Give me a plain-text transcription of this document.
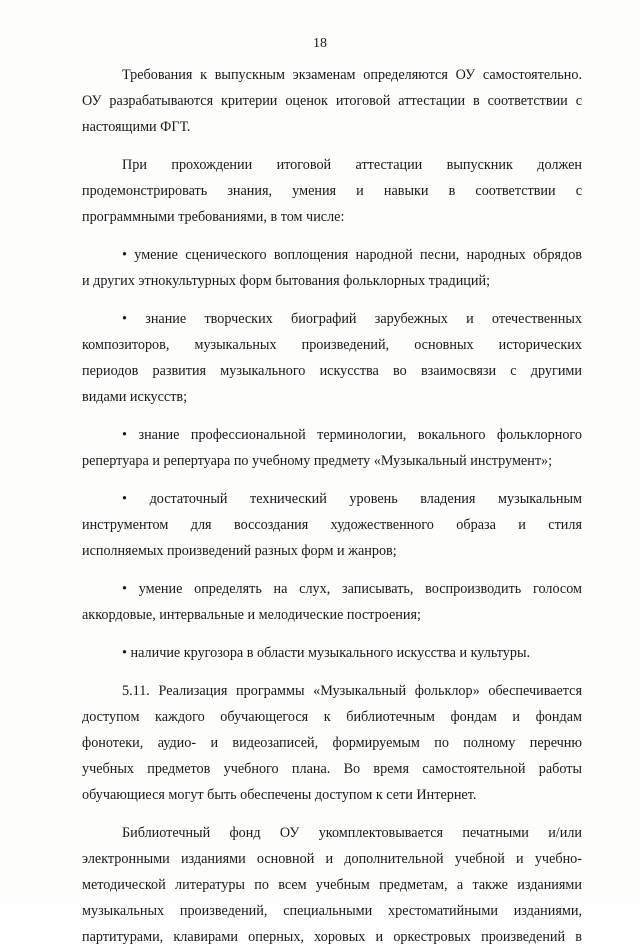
18
Требования к выпускным экзаменам определяются ОУ самостоятельно.
ОУ разрабатываются критерии оценок итоговой аттестации в соответствии с
настоящими ФГТ.
При прохождении итоговой аттестации выпускник должен
продемонстрировать знания, умения и навыки в соответствии с
программными требованиями, в том числе:
• умение сценического воплощения народной песни, народных обрядов
и других этнокультурных форм бытования фольклорных традиций;
• знание творческих биографий зарубежных и отечественных
композиторов, музыкальных произведений, основных исторических
периодов развития музыкального искусства во взаимосвязи с другими
видами искусств;
• знание профессиональной терминологии, вокального фольклорного
репертуара и репертуара по учебному предмету «Музыкальный инструмент»;
• достаточный технический уровень владения музыкальным
инструментом для воссоздания художественного образа и стиля
исполняемых произведений разных форм и жанров;
• умение определять на слух, записывать, воспроизводить голосом
аккордовые, интервальные и мелодические построения;
• наличие кругозора в области музыкального искусства и культуры.
5.11. Реализация программы «Музыкальный фольклор» обеспечивается
доступом каждого обучающегося к библиотечным фондам и фондам
фонотеки, аудио- и видеозаписей, формируемым по полному перечню
учебных предметов учебного плана. Во время самостоятельной работы
обучающиеся могут быть обеспечены доступом к сети Интернет.
Библиотечный фонд ОУ укомплектовывается печатными и/или
электронными изданиями основной и дополнительной учебной и учебно-
методической литературы по всем учебным предметам, а также изданиями
музыкальных произведений, специальными хрестоматийными изданиями,
партитурами, клавирами оперных, хоровых и оркестровых произведений в
